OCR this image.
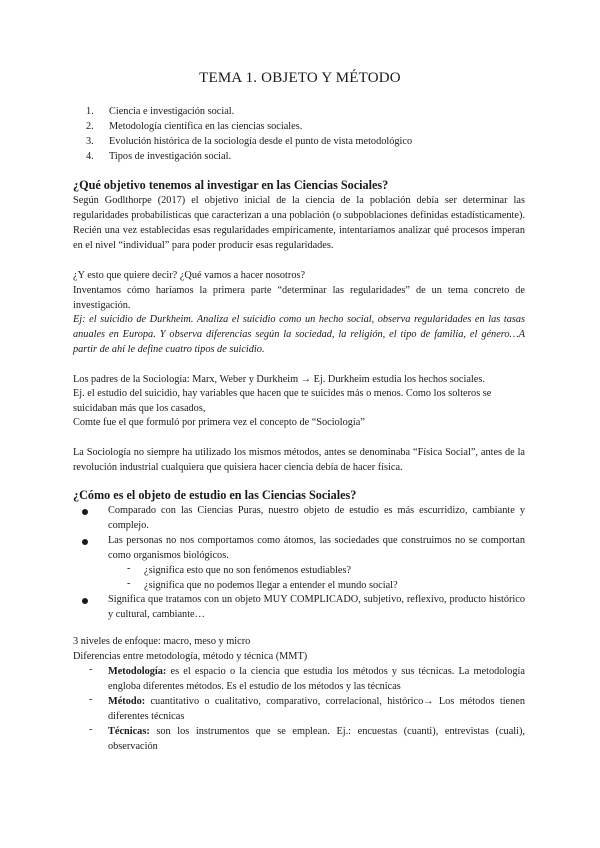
TEMA 1. OBJETO Y MÉTODO
1. Ciencia e investigación social.
2. Metodología científica en las ciencias sociales.
3. Evolución histórica de la sociología desde el punto de vista metodológico
4. Tipos de investigación social.
¿Qué objetivo tenemos al investigar en las Ciencias Sociales?

Según Godlthorpe (2017) el objetivo inicial de la ciencia de la población debía ser determinar las regularidades probabilísticas que caracterizan a una población (o subpoblaciones definidas estadísticamente). Recién una vez establecidas esas regularidades empíricamente, intentaríamos analizar qué procesos imperan en el nivel “individual” para poder producir esas regularidades.

¿Y esto que quiere decir? ¿Qué vamos a hacer nosotros?

Inventamos cómo haríamos la primera parte “determinar las regularidades” de un tema concreto de investigación.

Ej: el suicidio de Durkheim. Analiza el suicidio como un hecho social, observa regularidades en las tasas anuales en Europa. Y observa diferencias según la sociedad, la religión, el tipo de familia, el género…A partir de ahí le define cuatro tipos de suicidio.

Los padres de la Sociología: Marx, Weber y Durkheim → Ej. Durkheim estudia los hechos sociales.

Ej. el estudio del suicidio, hay variables que hacen que te suicides más o menos. Como los solteros se suicidaban más que los casados,

Comte fue el que formuló por primera vez el concepto de “Sociología”

La Sociología no siempre ha utilizado los mismos métodos, antes se denominaba “Física Social”, antes de la revolución industrial cualquiera que quisiera hacer ciencia debía de hacer física.

¿Cómo es el objeto de estudio en las Ciencias Sociales?

Comparado con las Ciencias Puras, nuestro objeto de estudio es más escurridizo, cambiante y complejo.

Las personas no nos comportamos como átomos, las sociedades que construimos no se comportan como organismos biológicos.

- ¿significa esto que no son fenómenos estudiables?

- ¿significa que no podemos llegar a entender el mundo social?

Significa que tratamos con un objeto MUY COMPLICADO, subjetivo, reflexivo, producto histórico y cultural, cambiante…

3 niveles de enfoque: macro, meso y micro

Diferencias entre metodología, método y técnica (MMT)

- Metodología: es el espacio o la ciencia que estudia los métodos y sus técnicas. La metodología engloba diferentes métodos. Es el estudio de los métodos y las técnicas

- Método: cuantitativo o cualitativo, comparativo, correlacional, histórico→ Los métodos tienen diferentes técnicas

- Técnicas: son los instrumentos que se emplean. Ej.: encuestas (cuanti), entrevistas (cuali), observación
